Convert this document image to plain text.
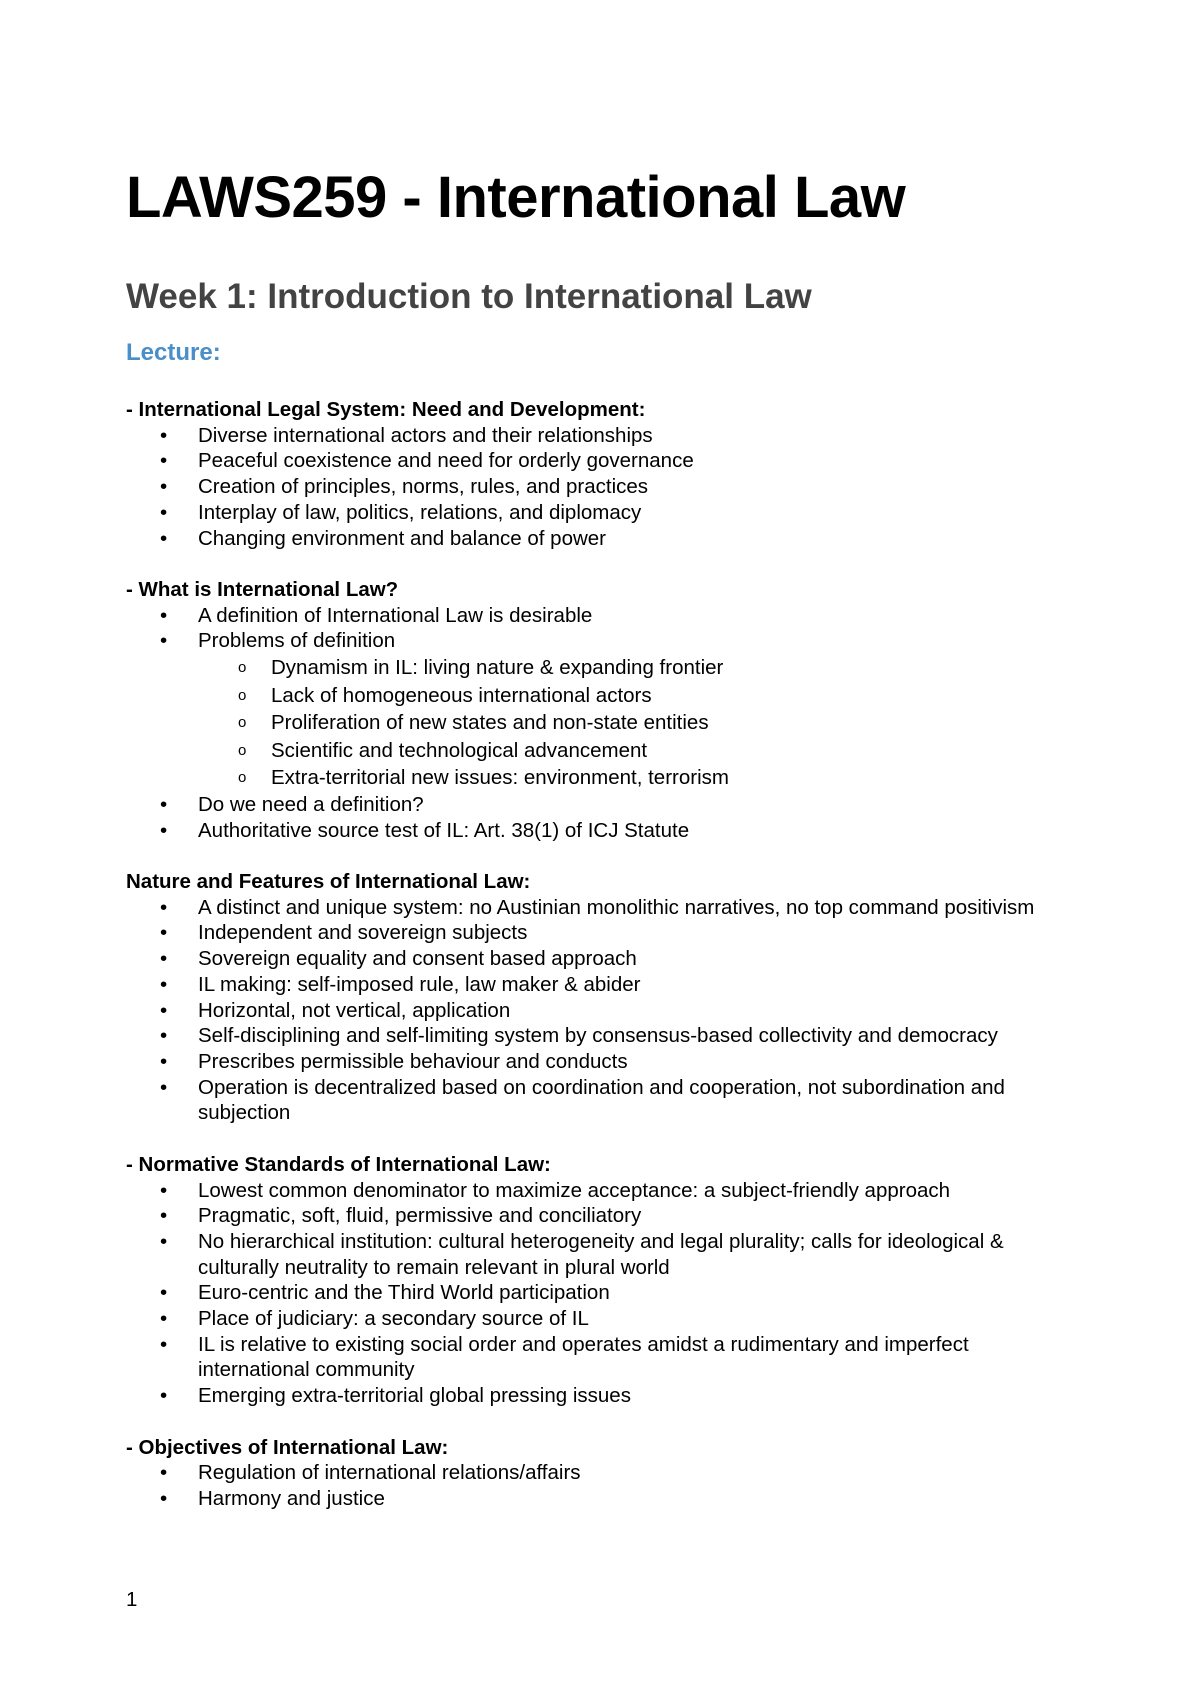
LAWS259 - International Law
Week 1: Introduction to International Law
Lecture:

- International Legal System: Need and Development:

• Diverse international actors and their relationships
• Peaceful coexistence and need for orderly governance
• Creation of principles, norms, rules, and practices
• Interplay of law, politics, relations, and diplomacy
• Changing environment and balance of power

- What is International Law?

• A definition of International Law is desirable
• Problems of definition
o Dynamism in IL: living nature & expanding frontier
o Lack of homogeneous international actors
o Proliferation of new states and non-state entities
o Scientific and technological advancement
o Extra-territorial new issues: environment, terrorism
• Do we need a definition?
• Authoritative source test of IL: Art. 38(1) of ICJ Statute

Nature and Features of International Law:

• A distinct and unique system: no Austinian monolithic narratives, no top command positivism
• Independent and sovereign subjects
• Sovereign equality and consent based approach
• IL making: self-imposed rule, law maker & abider
• Horizontal, not vertical, application
• Self-disciplining and self-limiting system by consensus-based collectivity and democracy
• Prescribes permissible behaviour and conducts
• Operation is decentralized based on coordination and cooperation, not subordination and subjection

- Normative Standards of International Law:

• Lowest common denominator to maximize acceptance: a subject-friendly approach
• Pragmatic, soft, fluid, permissive and conciliatory
• No hierarchical institution: cultural heterogeneity and legal plurality; calls for ideological & culturally neutrality to remain relevant in plural world
• Euro-centric and the Third World participation
• Place of judiciary: a secondary source of IL
• IL is relative to existing social order and operates amidst a rudimentary and imperfect international community
• Emerging extra-territorial global pressing issues

- Objectives of International Law:

• Regulation of international relations/affairs
• Harmony and justice
1
